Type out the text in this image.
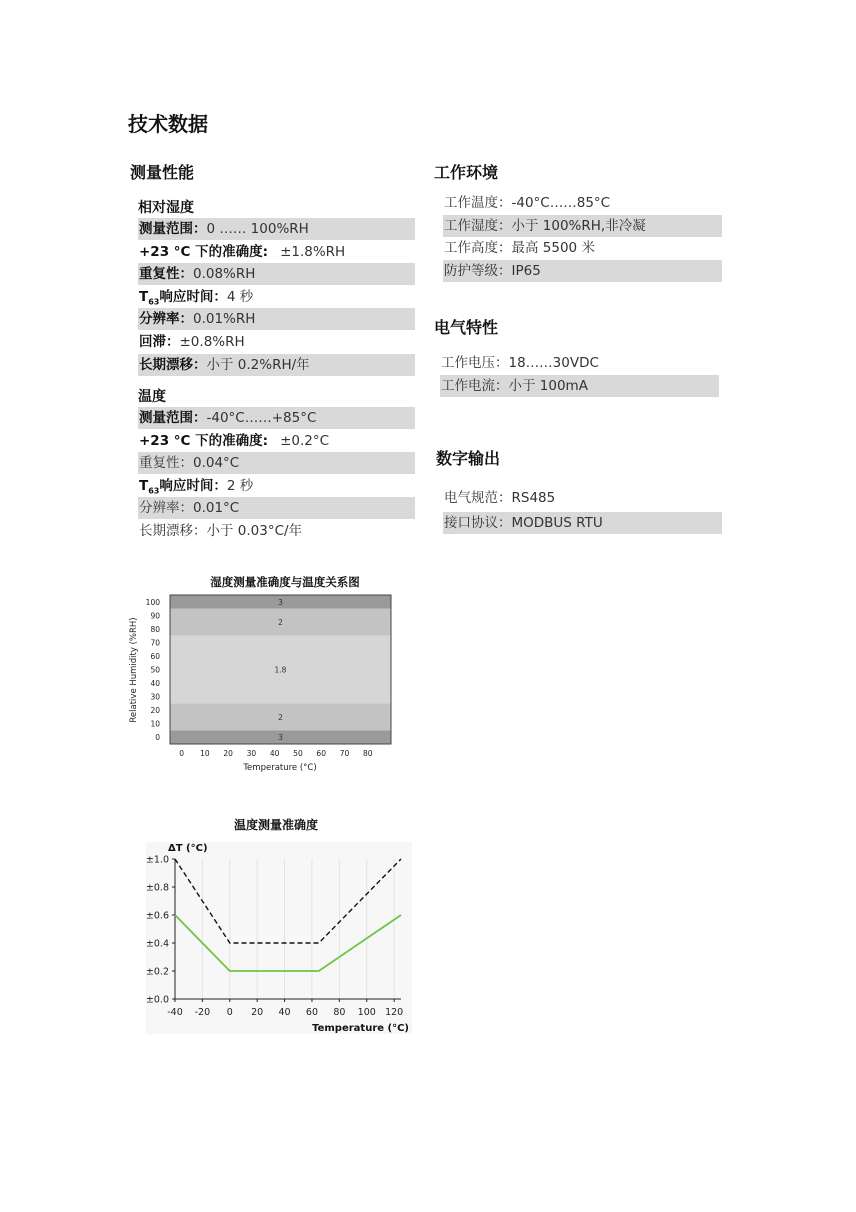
技术数据
测量性能
相对湿度
测量范围：0 …… 100%RH
+23 °C 下的准确度: ±1.8%RH
重复性：0.08%RH
$T_{63}$响应时间：4 秒
分辨率：0.01%RH
回滞：±0.8%RH
长期漂移：小于 0.2%RH/年
温度
测量范围：-40°C……+85°C
+23 °C 下的准确度: ±0.2°C
重复性：0.04°C
$T_{63}$响应时间：2 秒
分辨率：0.01°C
长期漂移：小于 0.03°C/年
工作环境
工作温度：-40°C……85°C
工作湿度：小于 100%RH,非冷凝
工作高度：最高 5500 米
防护等级：IP65
电气特性
工作电压：18……30VDC
工作电流：小于 100mA
数字输出
电气规范：RS485
接口协议：MODBUS RTU
湿度测量准确度与温度关系图
3
2
1.8
2
3
0 10 20 30 40 50 60 70 80
0
10
20
30
40
50
60
70
80
90
100
Temperature (°C)
Relative Humidity (%RH)
温度测量准确度
ΔT (°C)
-40 -20 0 20 40 60 80 100 120
±0.0
±0.2
±0.4
±0.6
±0.8
±1.0
Temperature (°C)
